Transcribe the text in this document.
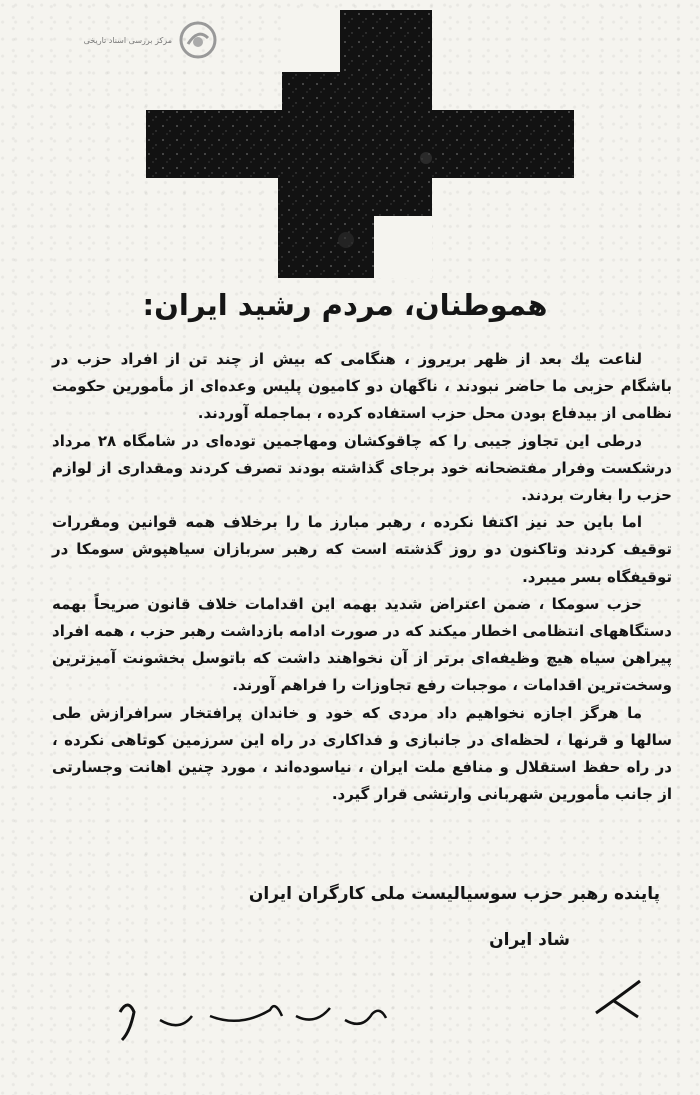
مرکز بررسی اسناد تاریخی
هموطنان، مردم رشید ایران:

لناعت یك بعد از ظهر بریروز ، هنگامی که بیش از چند تن از افراد حزب در باشگام حزبی ما حاضر نبودند ، ناگهان دو کامیون پلیس وعده‌ای از مأمورین حکومت نظامی از بیدفاع بودن محل حزب استفاده کرده ، بماجمله آوردند.

درطی این تجاوز جیبی را که چاقوکشان ومهاجمین توده‌ای در شامگاه ۲۸ مرداد درشکست وفرار مفتضحانه خود برجای گذاشته بودند تصرف کردند ومقداری از لوازم حزب را بغارت بردند.

اما باین حد نیز اکتفا نکرده ، رهبر مبارز ما را برخلاف همه قوانین ومقررات توقیف کردند وتاکنون دو روز گذشته است که رهبر سربازان سیاهپوش سومکا در توقیفگاه بسر میبرد.

حزب سومکا ، ضمن اعتراض شدید بهمه این اقدامات خلاف قانون صریحاً بهمه دستگاههای انتظامی اخطار میکند که در صورت ادامه بازداشت رهبر حزب ، همه افراد پیراهن سیاه هیچ وظیفه‌ای برتر از آن نخواهند داشت که باتوسل بخشونت آمیزترین وسخت‌ترین اقدامات ، موجبات رفع تجاوزات را فراهم آورند.

ما هرگز اجازه نخواهیم داد مردی که خود و خاندان پرافتخار سرافرازش طی سالها و قرنها ، لحظه‌ای در جانبازی و فداکاری در راه این سرزمین‌ کوتاهی نکرده ، در راه حفظ استقلال و منافع ملت ایران ، نیاسوده‌اند ، مورد چنین اهانت وجسارتی از جانب مأمورین شهربانی وارتشی قرار گیرد.

پاینده رهبر حزب سوسیالیست ملی کارگران ایران
شاد ایران
